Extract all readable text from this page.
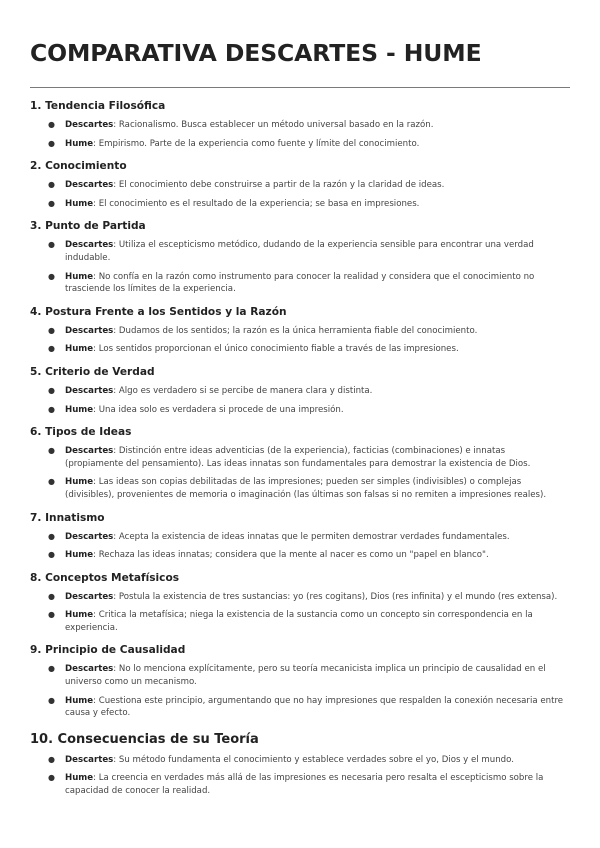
COMPARATIVA DESCARTES - HUME
1. Tendencia Filosófica
● Descartes: Racionalismo. Busca establecer un método universal basado en la razón.
● Hume: Empirismo. Parte de la experiencia como fuente y límite del conocimiento.
2. Conocimiento
● Descartes: El conocimiento debe construirse a partir de la razón y la claridad de ideas.
● Hume: El conocimiento es el resultado de la experiencia; se basa en impresiones.
3. Punto de Partida
● Descartes: Utiliza el escepticismo metódico, dudando de la experiencia sensible para encontrar una verdad indudable.
● Hume: No confía en la razón como instrumento para conocer la realidad y considera que el conocimiento no trasciende los límites de la experiencia.
4. Postura Frente a los Sentidos y la Razón
● Descartes: Dudamos de los sentidos; la razón es la única herramienta fiable del conocimiento.
● Hume: Los sentidos proporcionan el único conocimiento fiable a través de las impresiones.
5. Criterio de Verdad
● Descartes: Algo es verdadero si se percibe de manera clara y distinta.
● Hume: Una idea solo es verdadera si procede de una impresión.
6. Tipos de Ideas
● Descartes: Distinción entre ideas adventicias (de la experiencia), facticias (combinaciones) e innatas (propiamente del pensamiento). Las ideas innatas son fundamentales para demostrar la existencia de Dios.
● Hume: Las ideas son copias debilitadas de las impresiones; pueden ser simples (indivisibles) o complejas (divisibles), provenientes de memoria o imaginación (las últimas son falsas si no remiten a impresiones reales).
7. Innatismo
● Descartes: Acepta la existencia de ideas innatas que le permiten demostrar verdades fundamentales.
● Hume: Rechaza las ideas innatas; considera que la mente al nacer es como un "papel en blanco".
8. Conceptos Metafísicos
● Descartes: Postula la existencia de tres sustancias: yo (res cogitans), Dios (res infinita) y el mundo (res extensa).
● Hume: Critica la metafísica; niega la existencia de la sustancia como un concepto sin correspondencia en la experiencia.
9. Principio de Causalidad
● Descartes: No lo menciona explícitamente, pero su teoría mecanicista implica un principio de causalidad en el universo como un mecanismo.
● Hume: Cuestiona este principio, argumentando que no hay impresiones que respalden la conexión necesaria entre causa y efecto.
10. Consecuencias de su Teoría
● Descartes: Su método fundamenta el conocimiento y establece verdades sobre el yo, Dios y el mundo.
● Hume: La creencia en verdades más allá de las impresiones es necesaria pero resalta el escepticismo sobre la capacidad de conocer la realidad.
